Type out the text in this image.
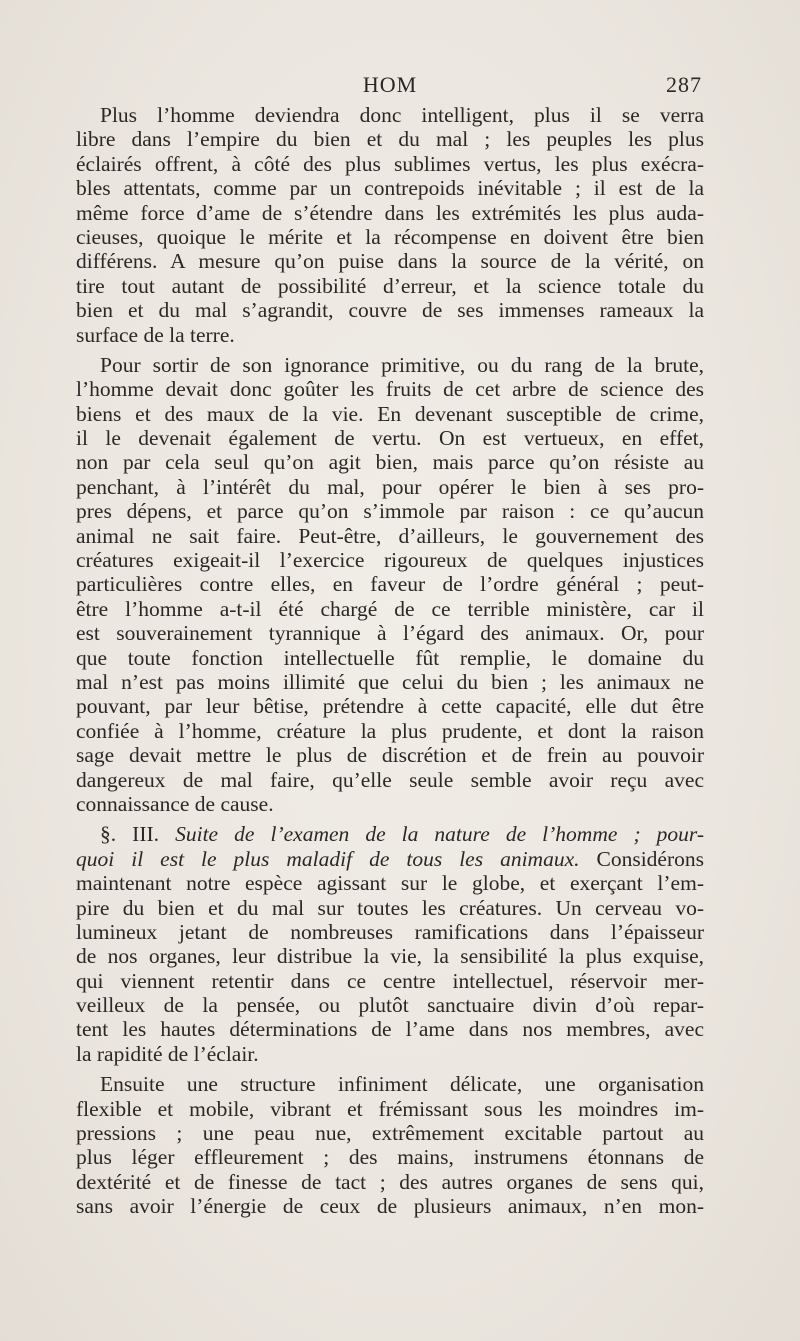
HOM	287
Plus l’homme deviendra donc intelligent, plus il se verra
libre dans l’empire du bien et du mal ; les peuples les plus
éclairés offrent, à côté des plus sublimes vertus, les plus exécra-
bles attentats, comme par un contrepoids inévitable ; il est de la
même force d’ame de s’étendre dans les extrémités les plus auda-
cieuses, quoique le mérite et la récompense en doivent être bien
différens. A mesure qu’on puise dans la source de la vérité, on
tire tout autant de possibilité d’erreur, et la science totale du
bien et du mal s’agrandit, couvre de ses immenses rameaux la
surface de la terre.
Pour sortir de son ignorance primitive, ou du rang de la brute,
l’homme devait donc goûter les fruits de cet arbre de science des
biens et des maux de la vie. En devenant susceptible de crime,
il le devenait également de vertu. On est vertueux, en effet,
non par cela seul qu’on agit bien, mais parce qu’on résiste au
penchant, à l’intérêt du mal, pour opérer le bien à ses pro-
pres dépens, et parce qu’on s’immole par raison : ce qu’aucun
animal ne sait faire. Peut-être, d’ailleurs, le gouvernement des
créatures exigeait-il l’exercice rigoureux de quelques injustices
particulières contre elles, en faveur de l’ordre général ; peut-
être l’homme a-t-il été chargé de ce terrible ministère, car il
est souverainement tyrannique à l’égard des animaux. Or, pour
que toute fonction intellectuelle fût remplie, le domaine du
mal n’est pas moins illimité que celui du bien ; les animaux ne
pouvant, par leur bêtise, prétendre à cette capacité, elle dut être
confiée à l’homme, créature la plus prudente, et dont la raison
sage devait mettre le plus de discrétion et de frein au pouvoir
dangereux de mal faire, qu’elle seule semble avoir reçu avec
connaissance de cause.
§. III. Suite de l’examen de la nature de l’homme ; pour-
quoi il est le plus maladif de tous les animaux. Considérons
maintenant notre espèce agissant sur le globe, et exerçant l’em-
pire du bien et du mal sur toutes les créatures. Un cerveau vo-
lumineux jetant de nombreuses ramifications dans l’épaisseur
de nos organes, leur distribue la vie, la sensibilité la plus exquise,
qui viennent retentir dans ce centre intellectuel, réservoir mer-
veilleux de la pensée, ou plutôt sanctuaire divin d’où repar-
tent les hautes déterminations de l’ame dans nos membres, avec
la rapidité de l’éclair.
Ensuite une structure infiniment délicate, une organisation
flexible et mobile, vibrant et frémissant sous les moindres im-
pressions ; une peau nue, extrêmement excitable partout au
plus léger effleurement ; des mains, instrumens étonnans de
dextérité et de finesse de tact ; des autres organes de sens qui,
sans avoir l’énergie de ceux de plusieurs animaux, n’en mon-
